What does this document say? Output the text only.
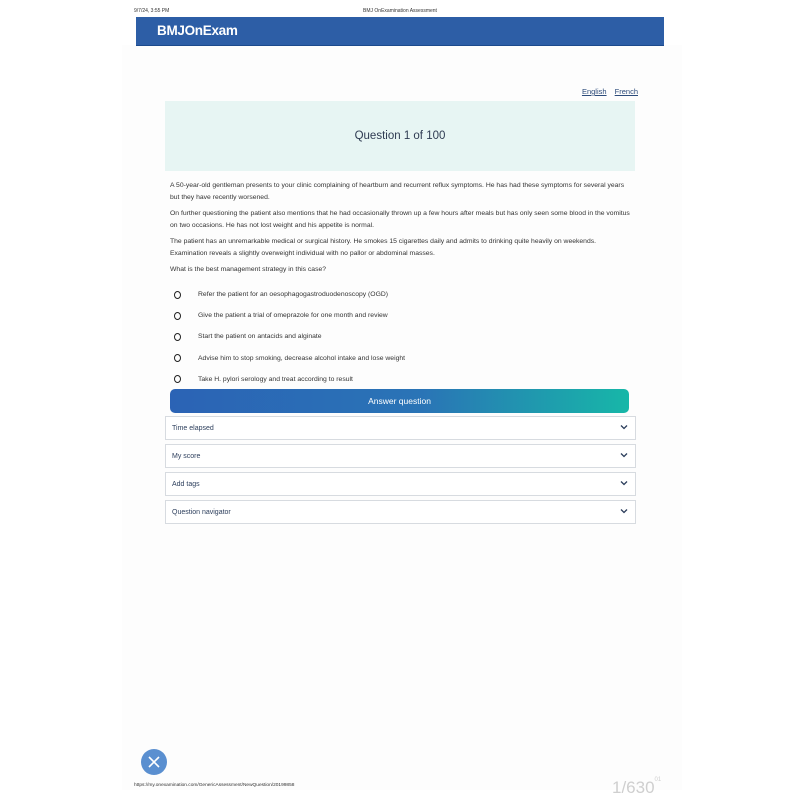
9/7/24, 3:55 PM	BMJ OnExamination Assessment
BMJOnExam
English French
Question 1 of 100

A 50-year-old gentleman presents to your clinic complaining of heartburn and recurrent reflux symptoms. He has had these symptoms for several years but they have recently worsened.

On further questioning the patient also mentions that he had occasionally thrown up a few hours after meals but has only seen some blood in the vomitus on two occasions. He has not lost weight and his appetite is normal.

The patient has an unremarkable medical or surgical history. He smokes 15 cigarettes daily and admits to drinking quite heavily on weekends. Examination reveals a slightly overweight individual with no pallor or abdominal masses.

What is the best management strategy in this case?

Refer the patient for an oesophagogastroduodenoscopy (OGD)
Give the patient a trial of omeprazole for one month and review
Start the patient on antacids and alginate
Advise him to stop smoking, decrease alcohol intake and lose weight
Take H. pylori serology and treat according to result
Answer question
Time elapsed
My score
Add tags
Question navigator
https://my.onexamination.com/GenericAssessment/NewQuestion/20199858	$1/630^{01}$
